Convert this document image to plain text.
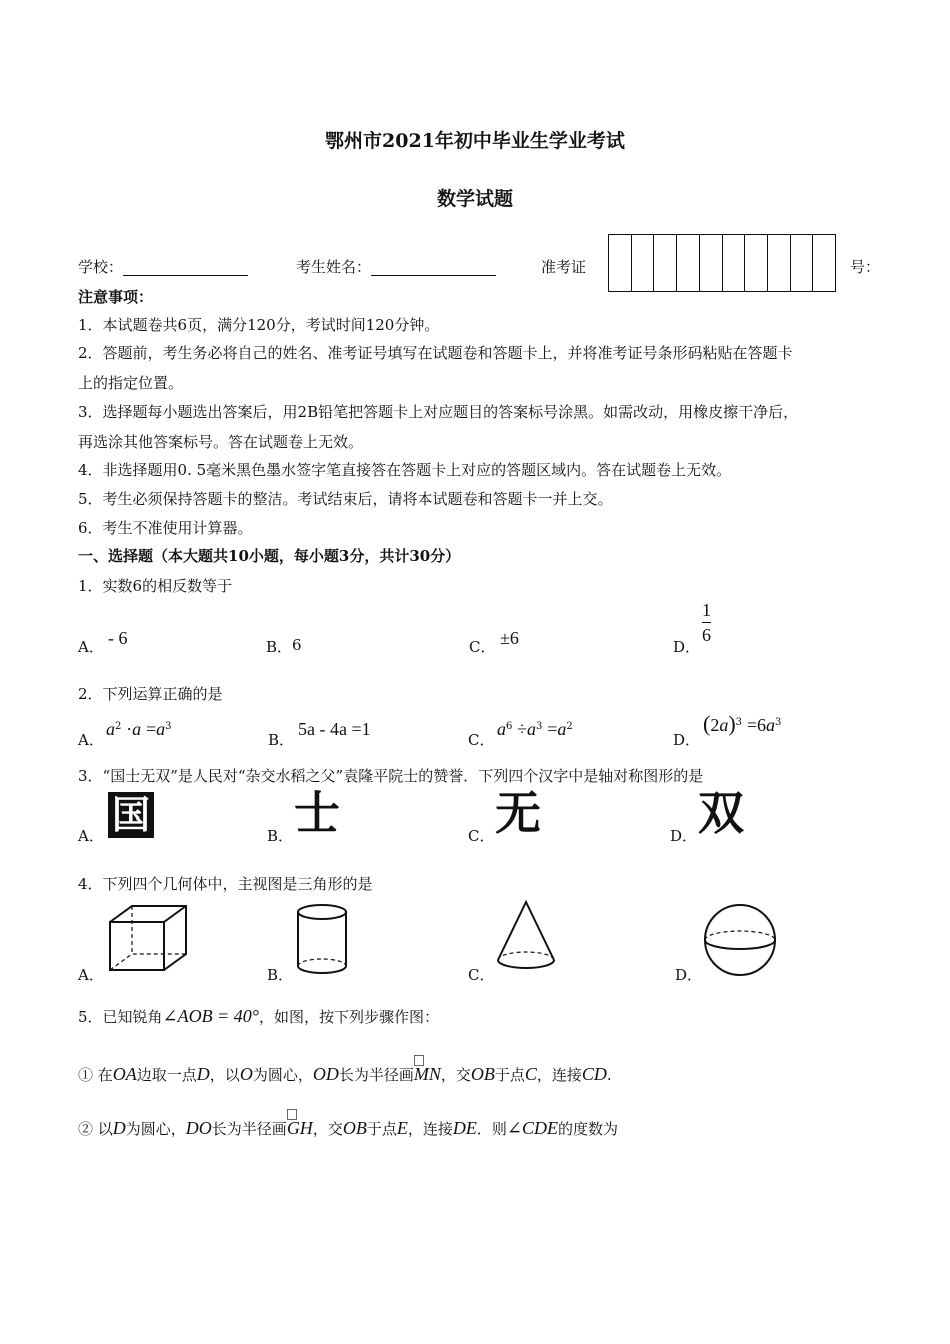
鄂州市2021年初中毕业生学业考试
数学试题
学校：	考生姓名：	准考证	号：
注意事项：
1．本试题卷共6页，满分120分，考试时间120分钟。
2．答题前，考生务必将自己的姓名、准考证号填写在试题卷和答题卡上，并将准考证号条形码粘贴在答题卡
上的指定位置。
3．选择题每小题选出答案后，用2B铅笔把答题卡上对应题目的答案标号涂黑。如需改动，用橡皮擦干净后，
再选涂其他答案标号。答在试题卷上无效。
4．非选择题用0. 5毫米黑色墨水签字笔直接答在答题卡上对应的答题区域内。答在试题卷上无效。
5．考生必须保持答题卡的整洁。考试结束后，请将本试题卷和答题卡一并上交。
6．考生不准使用计算器。
一、选择题（本大题共10小题，每小题3分，共计30分）
1．实数6的相反数等于
A． - 6	B． 6	C． ±6	D．
1
6
2．下列运算正确的是
A．
$a^2 \cdot a =a^3$
B．
5a - 4a =1
C．
$a^6 \div a^3 =a^2$
D．
$(2a)^3 =6a^3$
3．“国士无双”是人民对“杂交水稻之父”袁隆平院士的赞誉．下列四个汉字中是轴对称图形的是
A． 国	B． 士	C． 无	D． 双
4．下列四个几何体中，主视图是三角形的是
A．	B．	C．	D．
5．已知锐角∠AOB = 40°，如图，按下列步骤作图：
① 在OA边取一点D，以O为圆心，OD长为半径画MN，交OB于点C，连接CD.
② 以D为圆心，DO长为半径画GH，交OB于点E，连接DE．则∠CDE的度数为
